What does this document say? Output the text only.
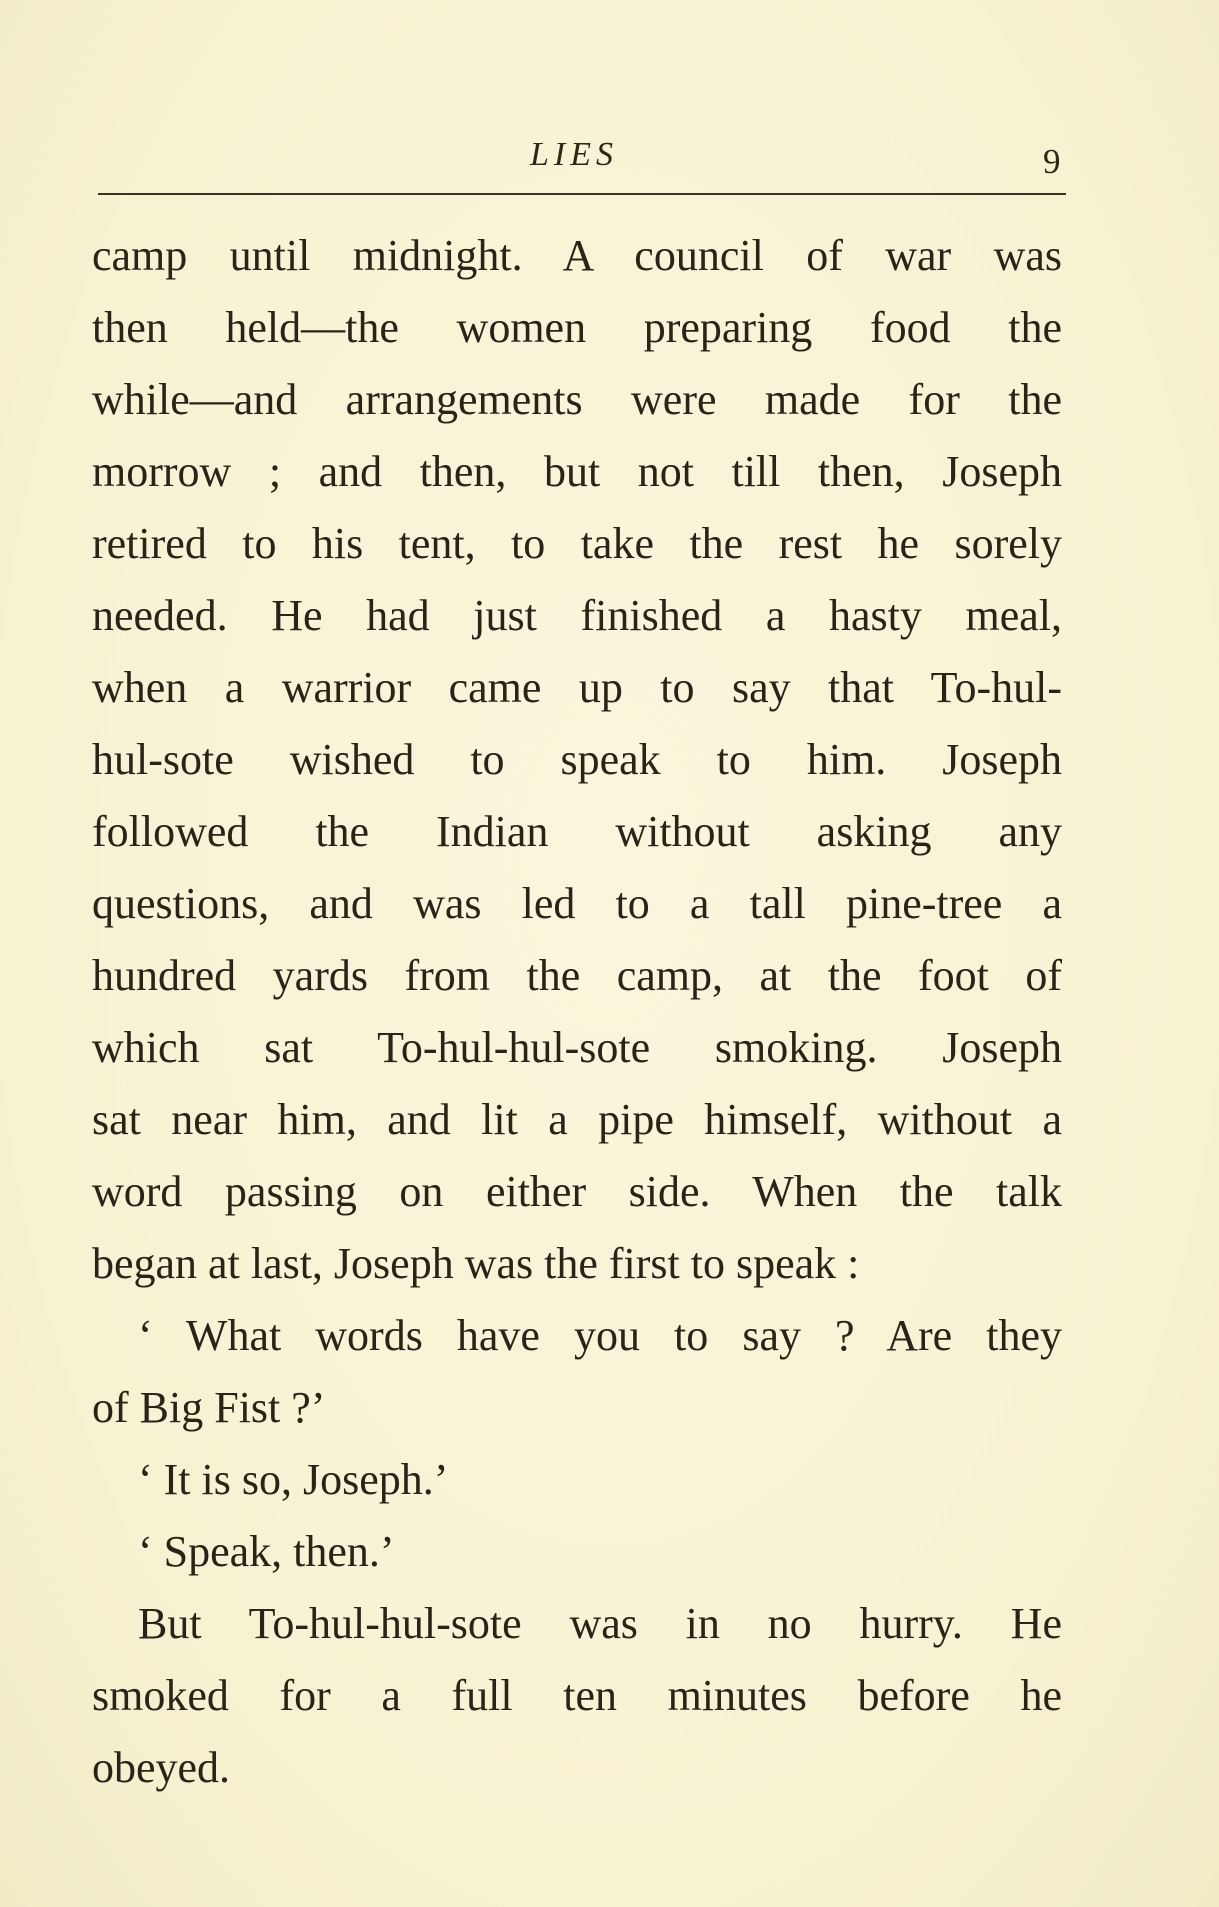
LIES	9
camp until midnight. A council of war was
then held—the women preparing food the
while—and arrangements were made for the
morrow ; and then, but not till then, Joseph
retired to his tent, to take the rest he sorely
needed. He had just finished a hasty meal,
when a warrior came up to say that To-hul-
hul-sote wished to speak to him. Joseph
followed the Indian without asking any
questions, and was led to a tall pine-tree a
hundred yards from the camp, at the foot of
which sat To-hul-hul-sote smoking. Joseph
sat near him, and lit a pipe himself, without a
word passing on either side. When the talk
began at last, Joseph was the first to speak :
‘ What words have you to say ? Are they
of Big Fist ?’
‘ It is so, Joseph.’
‘ Speak, then.’
But To-hul-hul-sote was in no hurry. He
smoked for a full ten minutes before he
obeyed.
